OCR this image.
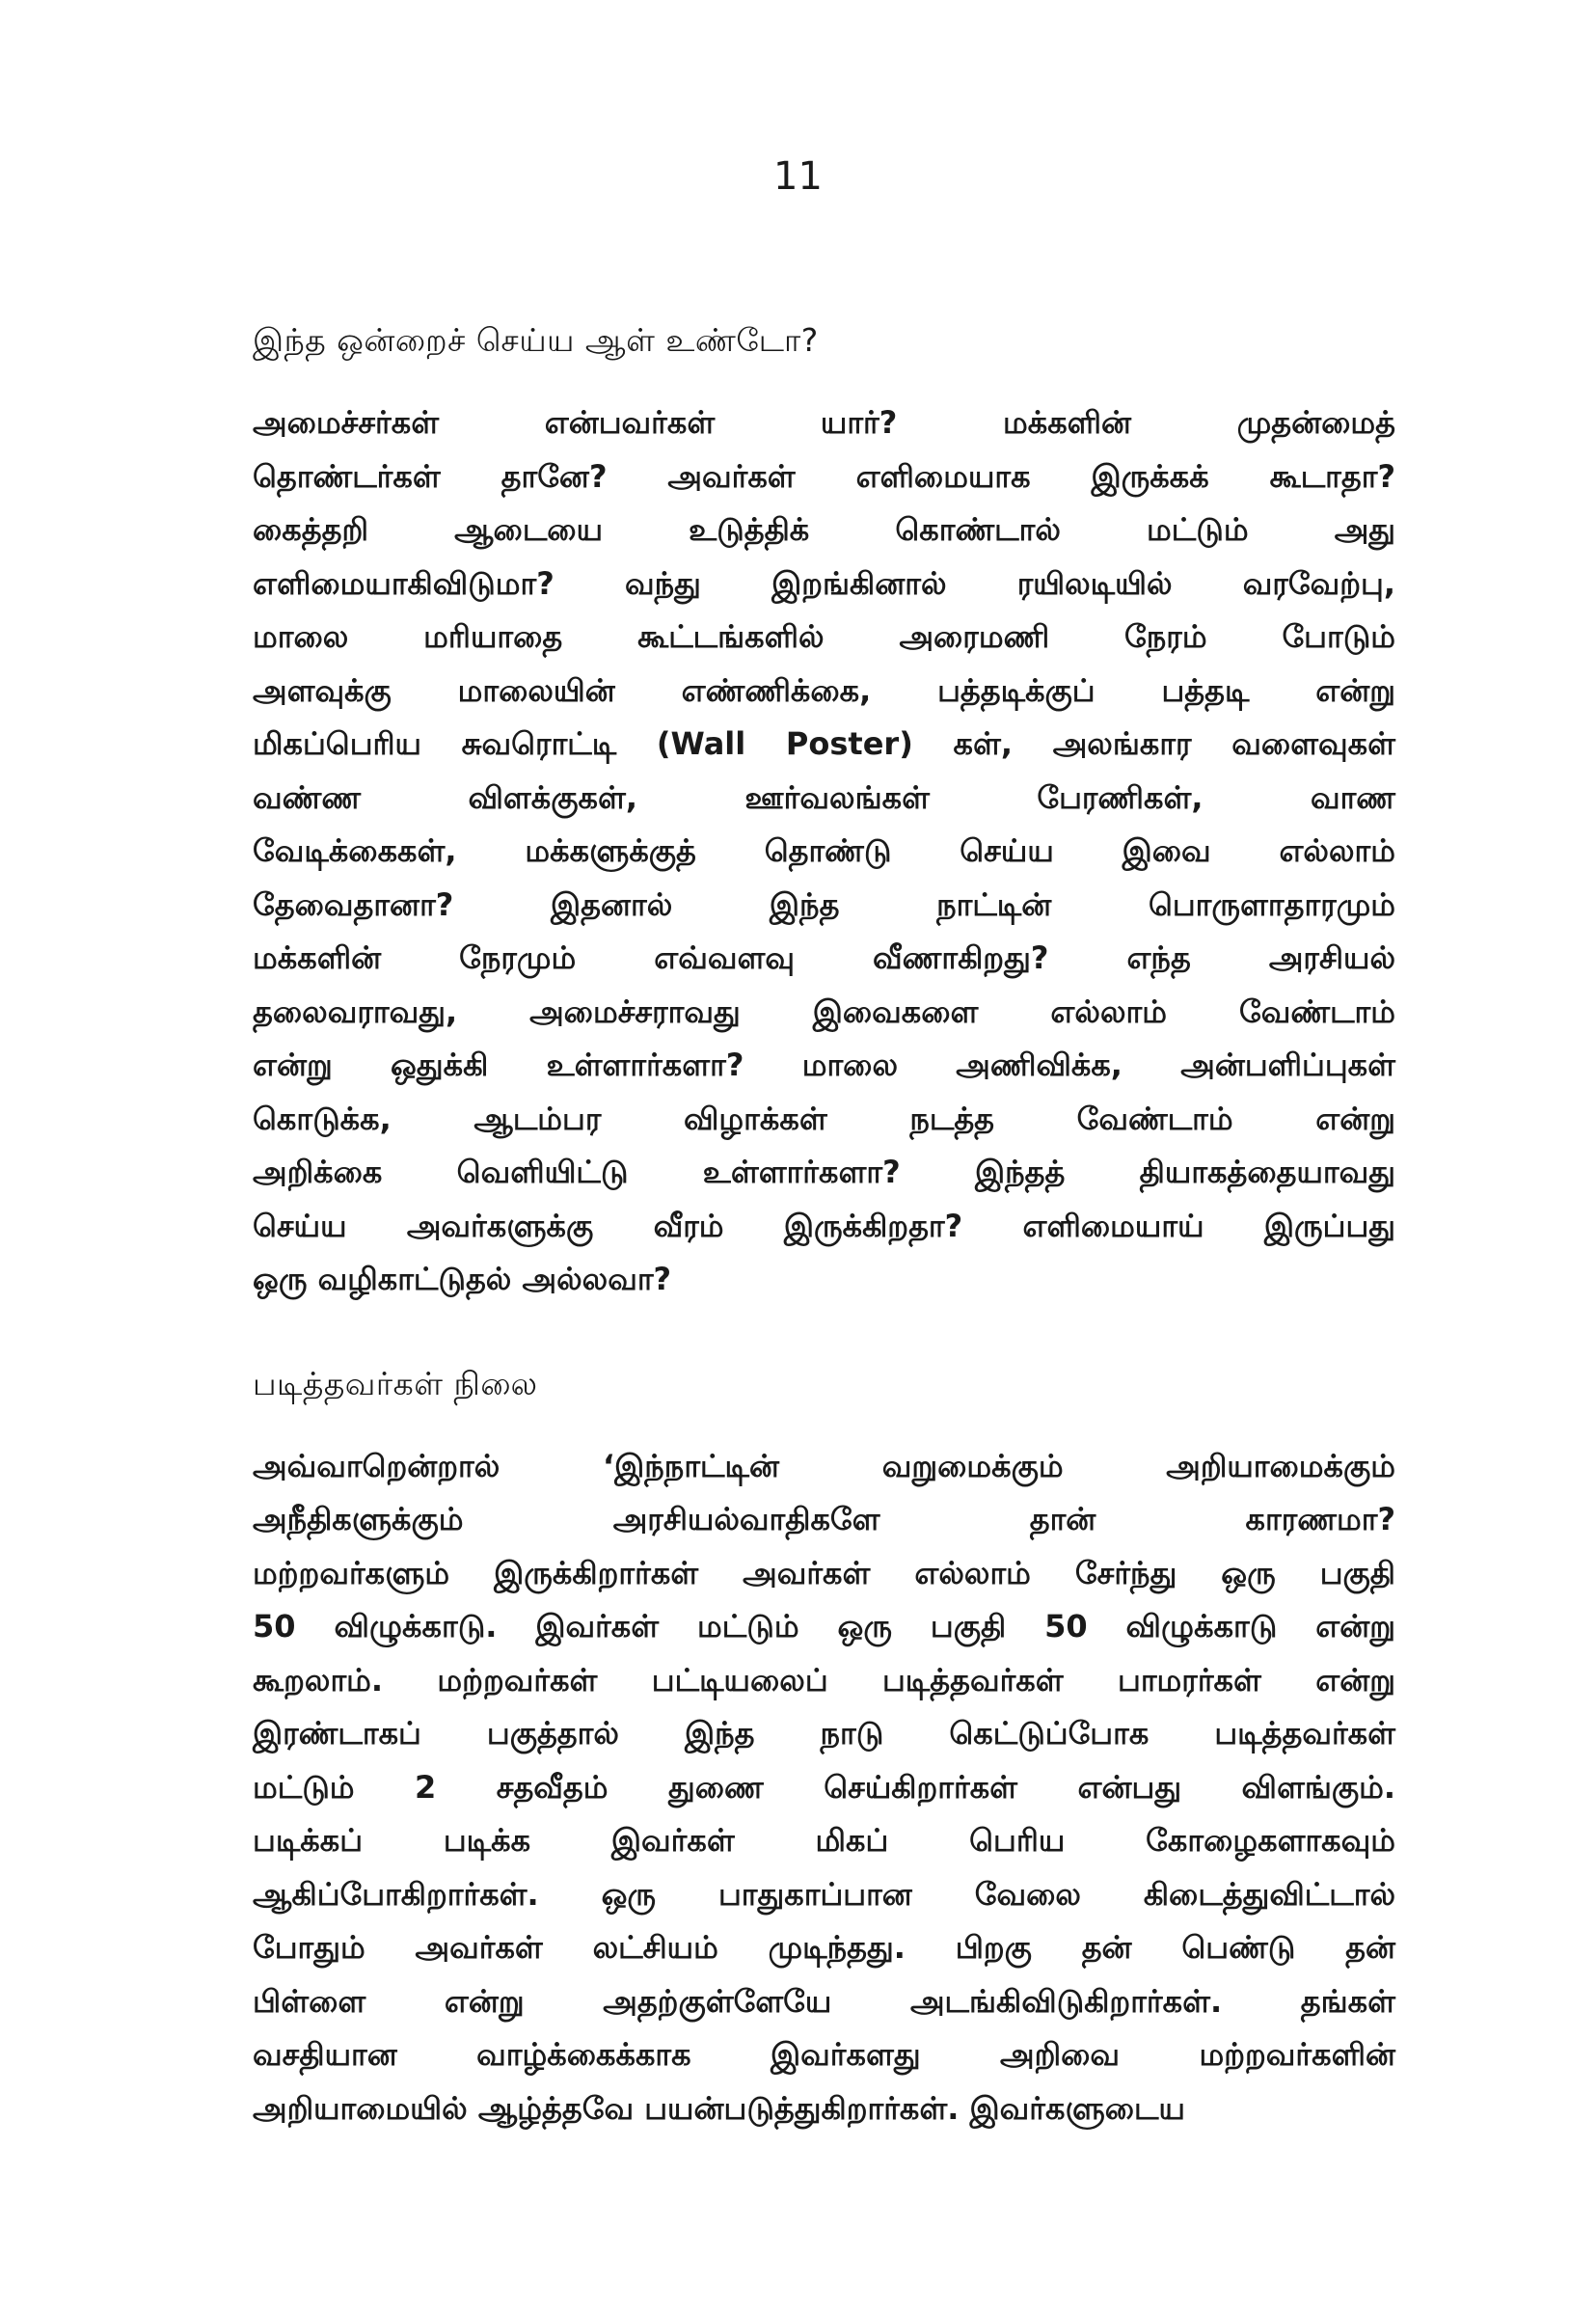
11
இந்த ஒன்றைச் செய்ய ஆள் உண்டோ?

அமைச்சர்கள் என்பவர்கள் யார்? மக்களின் முதன்மைத்
தொண்டர்கள் தானே? அவர்கள் எளிமையாக இருக்கக் கூடாதா?
கைத்தறி ஆடையை உடுத்திக் கொண்டால் மட்டும் அது
எளிமையாகிவிடுமா? வந்து இறங்கினால் ரயிலடியில் வரவேற்பு,
மாலை மரியாதை கூட்டங்களில் அரைமணி நேரம் போடும்
அளவுக்கு மாலையின் எண்ணிக்கை, பத்தடிக்குப் பத்தடி என்று
மிகப்பெரிய சுவரொட்டி (Wall Poster) கள், அலங்கார வளைவுகள்
வண்ண விளக்குகள், ஊர்வலங்கள் பேரணிகள், வாண
வேடிக்கைகள், மக்களுக்குத் தொண்டு செய்ய இவை எல்லாம்
தேவைதானா? இதனால் இந்த நாட்டின் பொருளாதாரமும்
மக்களின் நேரமும் எவ்வளவு வீணாகிறது? எந்த அரசியல்
தலைவராவது, அமைச்சராவது இவைகளை எல்லாம் வேண்டாம்
என்று ஒதுக்கி உள்ளார்களா? மாலை அணிவிக்க, அன்பளிப்புகள்
கொடுக்க, ஆடம்பர விழாக்கள் நடத்த வேண்டாம் என்று
அறிக்கை வெளியிட்டு உள்ளார்களா? இந்தத் தியாகத்தையாவது
செய்ய அவர்களுக்கு வீரம் இருக்கிறதா? எளிமையாய் இருப்பது
ஒரு வழிகாட்டுதல் அல்லவா?

படித்தவர்கள் நிலை

அவ்வாறென்றால் ‘இந்நாட்டின் வறுமைக்கும் அறியாமைக்கும்
அநீதிகளுக்கும் அரசியல்வாதிகளே தான் காரணமா?
மற்றவர்களும் இருக்கிறார்கள் அவர்கள் எல்லாம் சேர்ந்து ஒரு பகுதி
50 விழுக்காடு. இவர்கள் மட்டும் ஒரு பகுதி 50 விழுக்காடு என்று
கூறலாம். மற்றவர்கள் பட்டியலைப் படித்தவர்கள் பாமரர்கள் என்று
இரண்டாகப் பகுத்தால் இந்த நாடு கெட்டுப்போக படித்தவர்கள்
மட்டும் 2 சதவீதம் துணை செய்கிறார்கள் என்பது விளங்கும்.
படிக்கப் படிக்க இவர்கள் மிகப் பெரிய கோழைகளாகவும்
ஆகிப்போகிறார்கள். ஒரு பாதுகாப்பான வேலை கிடைத்துவிட்டால்
போதும் அவர்கள் லட்சியம் முடிந்தது. பிறகு தன் பெண்டு தன்
பிள்ளை என்று அதற்குள்ளேயே அடங்கிவிடுகிறார்கள். தங்கள்
வசதியான வாழ்க்கைக்காக இவர்களது அறிவை மற்றவர்களின்
அறியாமையில் ஆழ்த்தவே பயன்படுத்துகிறார்கள். இவர்களுடைய
